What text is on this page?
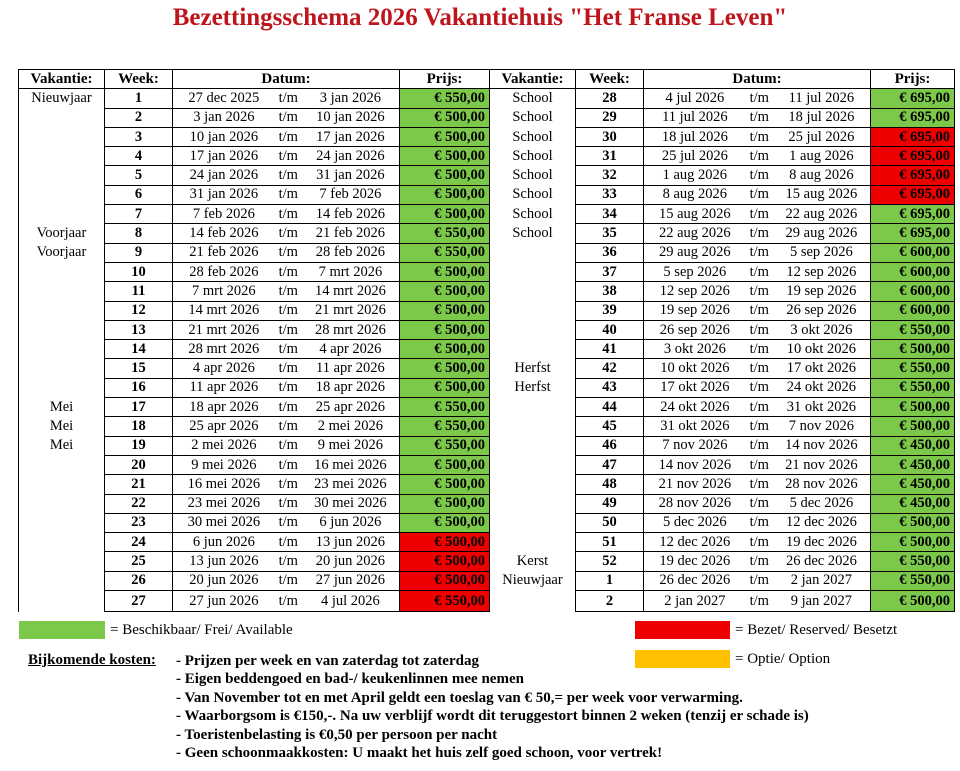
Bezettingsschema 2026 Vakantiehuis "Het Franse Leven"
Vakantie:	Week:	Datum:	Prijs:	Vakantie:	Week:	Datum:	Prijs:
Nieuwjaar	1	27 dec 2025 t/m 3 jan 2026	€ 550,00	School	28	4 jul 2026 t/m 11 jul 2026	€ 695,00
	2	3 jan 2026 t/m 10 jan 2026	€ 500,00	School	29	11 jul 2026 t/m 18 jul 2026	€ 695,00
	3	10 jan 2026 t/m 17 jan 2026	€ 500,00	School	30	18 jul 2026 t/m 25 jul 2026	€ 695,00
	4	17 jan 2026 t/m 24 jan 2026	€ 500,00	School	31	25 jul 2026 t/m 1 aug 2026	€ 695,00
	5	24 jan 2026 t/m 31 jan 2026	€ 500,00	School	32	1 aug 2026 t/m 8 aug 2026	€ 695,00
	6	31 jan 2026 t/m 7 feb 2026	€ 500,00	School	33	8 aug 2026 t/m 15 aug 2026	€ 695,00
	7	7 feb 2026 t/m 14 feb 2026	€ 500,00	School	34	15 aug 2026 t/m 22 aug 2026	€ 695,00
Voorjaar	8	14 feb 2026 t/m 21 feb 2026	€ 550,00	School	35	22 aug 2026 t/m 29 aug 2026	€ 695,00
Voorjaar	9	21 feb 2026 t/m 28 feb 2026	€ 550,00		36	29 aug 2026 t/m 5 sep 2026	€ 600,00
	10	28 feb 2026 t/m 7 mrt 2026	€ 500,00		37	5 sep 2026 t/m 12 sep 2026	€ 600,00
	11	7 mrt 2026 t/m 14 mrt 2026	€ 500,00		38	12 sep 2026 t/m 19 sep 2026	€ 600,00
	12	14 mrt 2026 t/m 21 mrt 2026	€ 500,00		39	19 sep 2026 t/m 26 sep 2026	€ 600,00
	13	21 mrt 2026 t/m 28 mrt 2026	€ 500,00		40	26 sep 2026 t/m 3 okt 2026	€ 550,00
	14	28 mrt 2026 t/m 4 apr 2026	€ 500,00		41	3 okt 2026 t/m 10 okt 2026	€ 500,00
	15	4 apr 2026 t/m 11 apr 2026	€ 500,00	Herfst	42	10 okt 2026 t/m 17 okt 2026	€ 550,00
	16	11 apr 2026 t/m 18 apr 2026	€ 500,00	Herfst	43	17 okt 2026 t/m 24 okt 2026	€ 550,00
Mei	17	18 apr 2026 t/m 25 apr 2026	€ 550,00		44	24 okt 2026 t/m 31 okt 2026	€ 500,00
Mei	18	25 apr 2026 t/m 2 mei 2026	€ 550,00		45	31 okt 2026 t/m 7 nov 2026	€ 500,00
Mei	19	2 mei 2026 t/m 9 mei 2026	€ 550,00		46	7 nov 2026 t/m 14 nov 2026	€ 450,00
	20	9 mei 2026 t/m 16 mei 2026	€ 500,00		47	14 nov 2026 t/m 21 nov 2026	€ 450,00
	21	16 mei 2026 t/m 23 mei 2026	€ 500,00		48	21 nov 2026 t/m 28 nov 2026	€ 450,00
	22	23 mei 2026 t/m 30 mei 2026	€ 500,00		49	28 nov 2026 t/m 5 dec 2026	€ 450,00
	23	30 mei 2026 t/m 6 jun 2026	€ 500,00		50	5 dec 2026 t/m 12 dec 2026	€ 500,00
	24	6 jun 2026 t/m 13 jun 2026	€ 500,00		51	12 dec 2026 t/m 19 dec 2026	€ 500,00
	25	13 jun 2026 t/m 20 jun 2026	€ 500,00	Kerst	52	19 dec 2026 t/m 26 dec 2026	€ 550,00
	26	20 jun 2026 t/m 27 jun 2026	€ 500,00	Nieuwjaar	1	26 dec 2026 t/m 2 jan 2027	€ 550,00
	27	27 jun 2026 t/m 4 jul 2026	€ 550,00		2	2 jan 2027 t/m 9 jan 2027	€ 500,00
= Beschikbaar/ Frei/ Available	= Bezet/ Reserved/ Besetzt
= Optie/ Option
Bijkomende kosten: - Prijzen per week en van zaterdag tot zaterdag
- Eigen beddengoed en bad-/ keukenlinnen mee nemen
- Van November tot en met April geldt een toeslag van € 50,= per week voor verwarming.
- Waarborgsom is €150,-. Na uw verblijf wordt dit teruggestort binnen 2 weken (tenzij er schade is)
- Toeristenbelasting is €0,50 per persoon per nacht
- Geen schoonmaakkosten: U maakt het huis zelf goed schoon, voor vertrek!
